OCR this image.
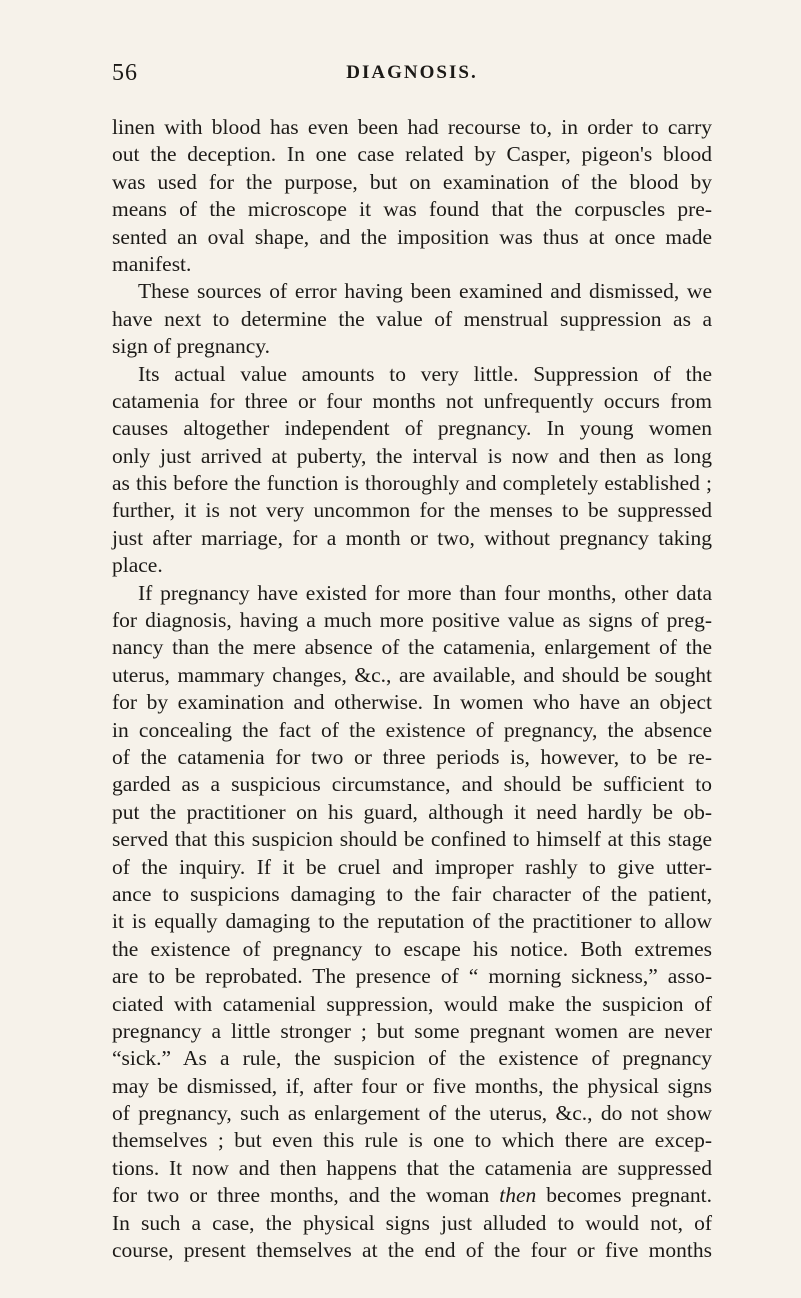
56	DIAGNOSIS.
linen with blood has even been had recourse to, in order to carry
out the deception. In one case related by Casper, pigeon's blood
was used for the purpose, but on examination of the blood by
means of the microscope it was found that the corpuscles pre-
sented an oval shape, and the imposition was thus at once made
manifest.
These sources of error having been examined and dismissed, we
have next to determine the value of menstrual suppression as a
sign of pregnancy.
Its actual value amounts to very little. Suppression of the
catamenia for three or four months not unfrequently occurs from
causes altogether independent of pregnancy. In young women
only just arrived at puberty, the interval is now and then as long
as this before the function is thoroughly and completely established ;
further, it is not very uncommon for the menses to be suppressed
just after marriage, for a month or two, without pregnancy taking
place.
If pregnancy have existed for more than four months, other data
for diagnosis, having a much more positive value as signs of preg-
nancy than the mere absence of the catamenia, enlargement of the
uterus, mammary changes, &c., are available, and should be sought
for by examination and otherwise. In women who have an object
in concealing the fact of the existence of pregnancy, the absence
of the catamenia for two or three periods is, however, to be re-
garded as a suspicious circumstance, and should be sufficient to
put the practitioner on his guard, although it need hardly be ob-
served that this suspicion should be confined to himself at this stage
of the inquiry. If it be cruel and improper rashly to give utter-
ance to suspicions damaging to the fair character of the patient,
it is equally damaging to the reputation of the practitioner to allow
the existence of pregnancy to escape his notice. Both extremes
are to be reprobated. The presence of “ morning sickness,” asso-
ciated with catamenial suppression, would make the suspicion of
pregnancy a little stronger ; but some pregnant women are never
“sick.” As a rule, the suspicion of the existence of pregnancy
may be dismissed, if, after four or five months, the physical signs
of pregnancy, such as enlargement of the uterus, &c., do not show
themselves ; but even this rule is one to which there are excep-
tions. It now and then happens that the catamenia are suppressed
for two or three months, and the woman then becomes pregnant.
In such a case, the physical signs just alluded to would not, of
course, present themselves at the end of the four or five months
